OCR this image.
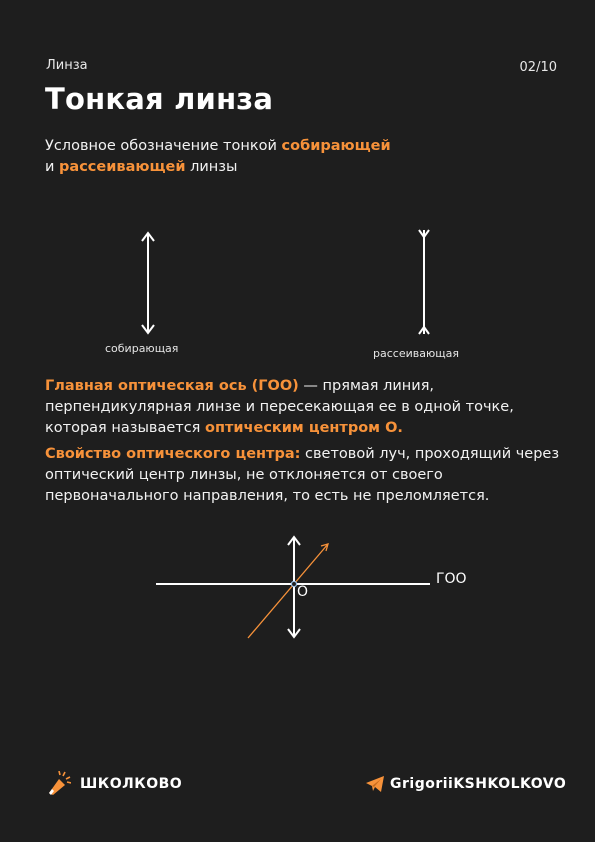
Линза	02/10
Тонкая линза
Условное обозначение тонкой собирающей
и рассеивающей линзы
собирающая	рассеивающая
Главная оптическая ось (ГОО) — прямая линия, перпендикулярная линзе и пересекающая ее в одной точке, которая называется оптическим центром О.
Свойство оптического центра: световой луч, проходящий через оптический центр линзы, не отклоняется от своего первоначального направления, то есть не преломляется.
О
ГОО
ШКОЛКОВО	GrigoriiKSHKOLKOVO
